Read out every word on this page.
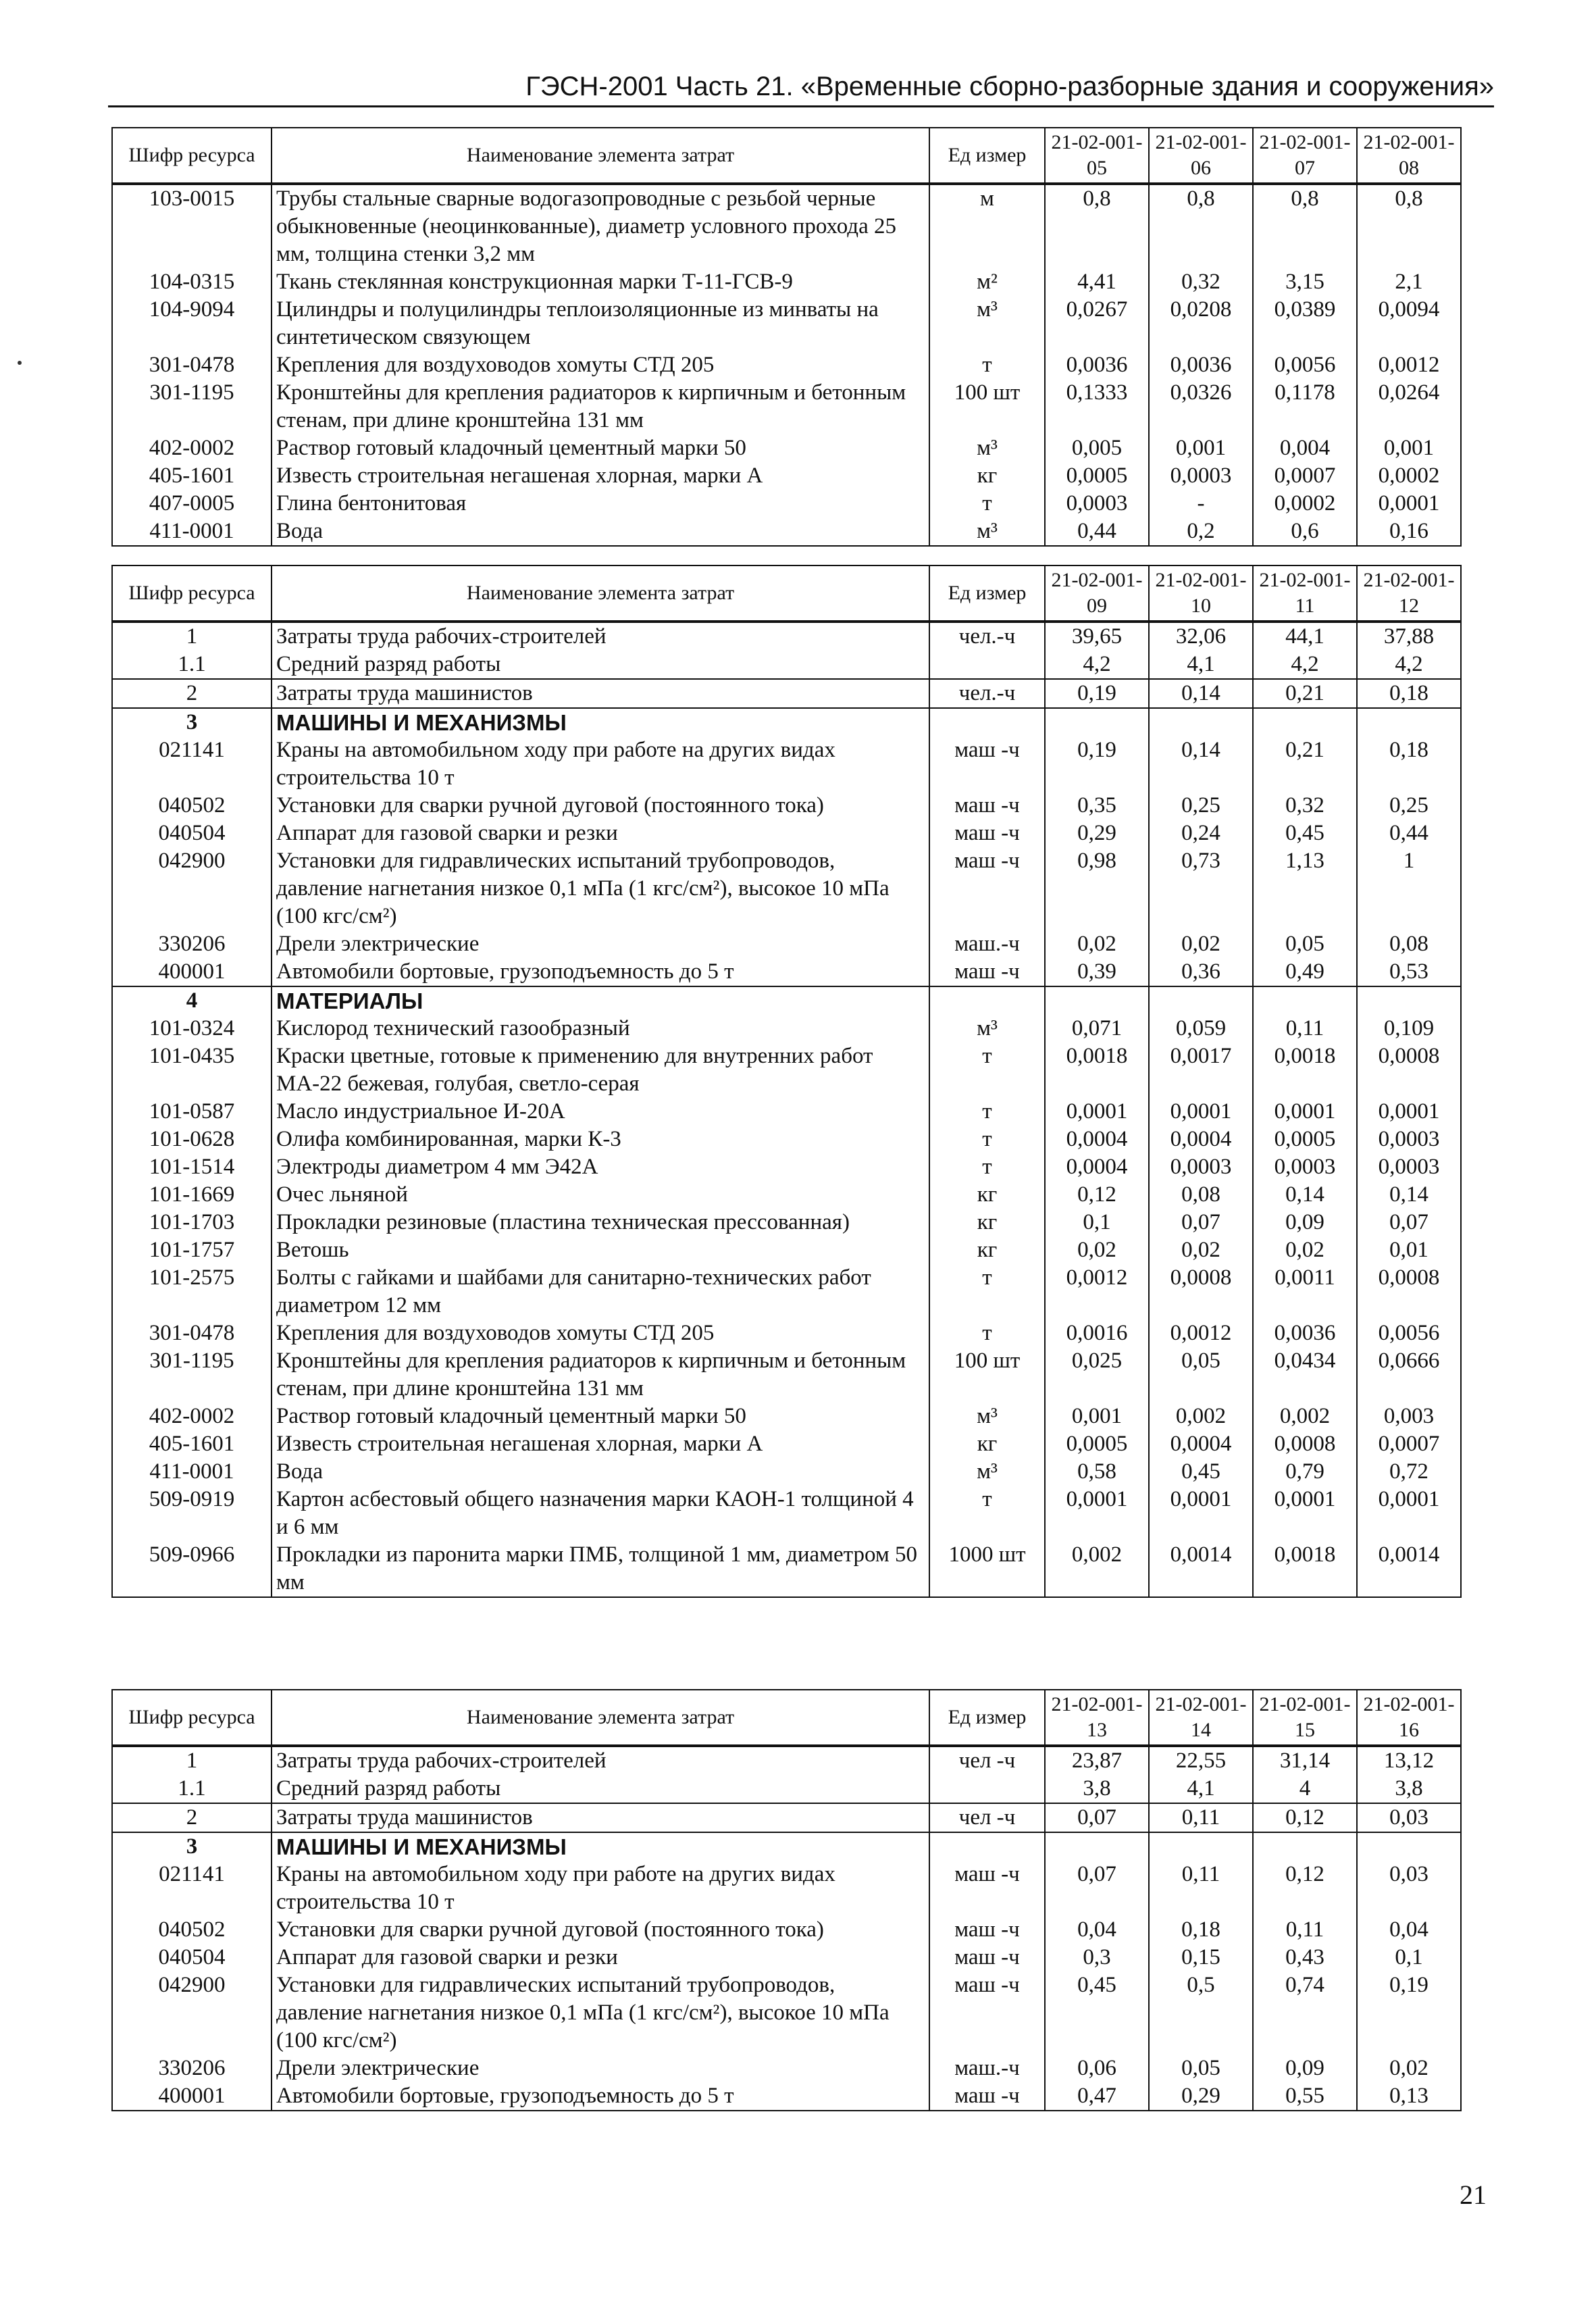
ГЭСН-2001 Часть 21. «Временные сборно-разборные здания и сооружения»
Шифр ресурса	Наименование элемента затрат	Ед измер	21-02-001-05	21-02-001-06	21-02-001-07	21-02-001-08
103-0015	Трубы стальные сварные водогазопроводные с резьбой черные обыкновенные (неоцинкованные), диаметр условного прохода 25 мм, толщина стенки 3,2 мм	м	0,8	0,8	0,8	0,8
104-0315	Ткань стеклянная конструкционная марки Т-11-ГСВ-9	м²	4,41	0,32	3,15	2,1
104-9094	Цилиндры и полуцилиндры теплоизоляционные из минваты на синтетическом связующем	м³	0,0267	0,0208	0,0389	0,0094
301-0478	Крепления для воздуховодов хомуты СТД 205	т	0,0036	0,0036	0,0056	0,0012
301-1195	Кронштейны для крепления радиаторов к кирпичным и бетонным стенам, при длине кронштейна 131 мм	100 шт	0,1333	0,0326	0,1178	0,0264
402-0002	Раствор готовый кладочный цементный марки 50	м³	0,005	0,001	0,004	0,001
405-1601	Известь строительная негашеная хлорная, марки А	кг	0,0005	0,0003	0,0007	0,0002
407-0005	Глина бентонитовая	т	0,0003	-	0,0002	0,0001
411-0001	Вода	м³	0,44	0,2	0,6	0,16
Шифр ресурса	Наименование элемента затрат	Ед измер	21-02-001-09	21-02-001-10	21-02-001-11	21-02-001-12
1	Затраты труда рабочих-строителей	чел.-ч	39,65	32,06	44,1	37,88
1.1	Средний разряд работы		4,2	4,1	4,2	4,2
2	Затраты труда машинистов	чел.-ч	0,19	0,14	0,21	0,18
3	МАШИНЫ И МЕХАНИЗМЫ					
021141	Краны на автомобильном ходу при работе на других видах строительства 10 т	маш -ч	0,19	0,14	0,21	0,18
040502	Установки для сварки ручной дуговой (постоянного тока)	маш -ч	0,35	0,25	0,32	0,25
040504	Аппарат для газовой сварки и резки	маш -ч	0,29	0,24	0,45	0,44
042900	Установки для гидравлических испытаний трубопроводов, давление нагнетания низкое 0,1 мПа (1 кгс/см²), высокое 10 мПа (100 кгс/см²)	маш -ч	0,98	0,73	1,13	1
330206	Дрели электрические	маш.-ч	0,02	0,02	0,05	0,08
400001	Автомобили бортовые, грузоподъемность до 5 т	маш -ч	0,39	0,36	0,49	0,53
4	МАТЕРИАЛЫ					
101-0324	Кислород технический газообразный	м³	0,071	0,059	0,11	0,109
101-0435	Краски цветные, готовые к применению для внутренних работ МА-22 бежевая, голубая, светло-серая	т	0,0018	0,0017	0,0018	0,0008
101-0587	Масло индустриальное И-20А	т	0,0001	0,0001	0,0001	0,0001
101-0628	Олифа комбинированная, марки К-3	т	0,0004	0,0004	0,0005	0,0003
101-1514	Электроды диаметром 4 мм Э42А	т	0,0004	0,0003	0,0003	0,0003
101-1669	Очес льняной	кг	0,12	0,08	0,14	0,14
101-1703	Прокладки резиновые (пластина техническая прессованная)	кг	0,1	0,07	0,09	0,07
101-1757	Ветошь	кг	0,02	0,02	0,02	0,01
101-2575	Болты с гайками и шайбами для санитарно-технических работ диаметром 12 мм	т	0,0012	0,0008	0,0011	0,0008
301-0478	Крепления для воздуховодов хомуты СТД 205	т	0,0016	0,0012	0,0036	0,0056
301-1195	Кронштейны для крепления радиаторов к кирпичным и бетонным стенам, при длине кронштейна 131 мм	100 шт	0,025	0,05	0,0434	0,0666
402-0002	Раствор готовый кладочный цементный марки 50	м³	0,001	0,002	0,002	0,003
405-1601	Известь строительная негашеная хлорная, марки А	кг	0,0005	0,0004	0,0008	0,0007
411-0001	Вода	м³	0,58	0,45	0,79	0,72
509-0919	Картон асбестовый общего назначения марки КАОН-1 толщиной 4 и 6 мм	т	0,0001	0,0001	0,0001	0,0001
509-0966	Прокладки из паронита марки ПМБ, толщиной 1 мм, диаметром 50 мм	1000 шт	0,002	0,0014	0,0018	0,0014
Шифр ресурса	Наименование элемента затрат	Ед измер	21-02-001-13	21-02-001-14	21-02-001-15	21-02-001-16
1	Затраты труда рабочих-строителей	чел -ч	23,87	22,55	31,14	13,12
1.1	Средний разряд работы		3,8	4,1	4	3,8
2	Затраты труда машинистов	чел -ч	0,07	0,11	0,12	0,03
3	МАШИНЫ И МЕХАНИЗМЫ					
021141	Краны на автомобильном ходу при работе на других видах строительства 10 т	маш -ч	0,07	0,11	0,12	0,03
040502	Установки для сварки ручной дуговой (постоянного тока)	маш -ч	0,04	0,18	0,11	0,04
040504	Аппарат для газовой сварки и резки	маш -ч	0,3	0,15	0,43	0,1
042900	Установки для гидравлических испытаний трубопроводов, давление нагнетания низкое 0,1 мПа (1 кгс/см²), высокое 10 мПа (100 кгс/см²)	маш -ч	0,45	0,5	0,74	0,19
330206	Дрели электрические	маш.-ч	0,06	0,05	0,09	0,02
400001	Автомобили бортовые, грузоподъемность до 5 т	маш -ч	0,47	0,29	0,55	0,13
21
